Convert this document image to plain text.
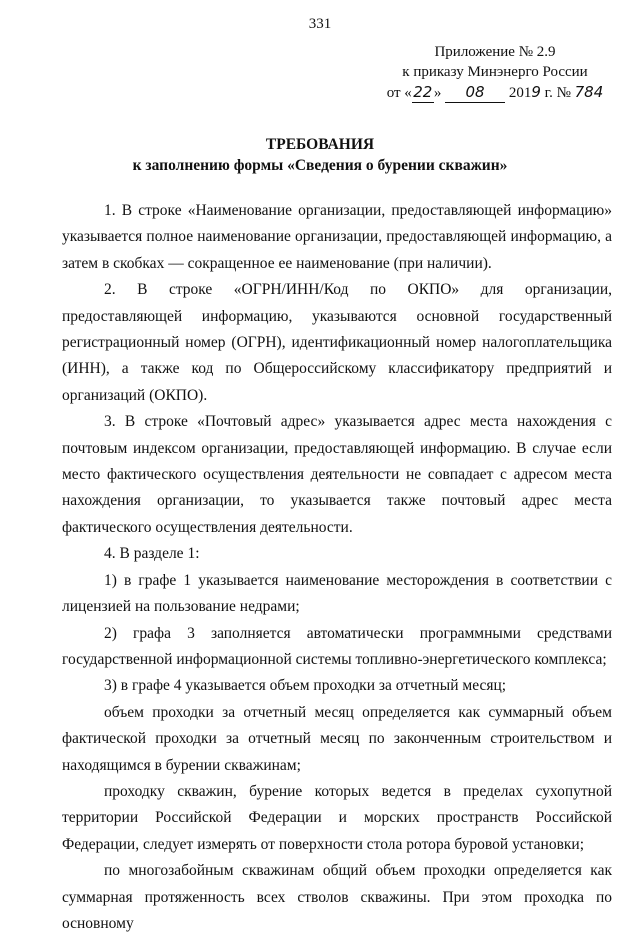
331
Приложение № 2.9
к приказу Минэнерго России
от «22» 08 2019 г. № 784
ТРЕБОВАНИЯ
к заполнению формы «Сведения о бурении скважин»

1. В строке «Наименование организации, предоставляющей информацию» указывается полное наименование организации, предоставляющей информацию, а затем в скобках — сокращенное ее наименование (при наличии).

2. В строке «ОГРН/ИНН/Код по ОКПО» для организации, предоставляющей информацию, указываются основной государственный регистрационный номер (ОГРН), идентификационный номер налогоплательщика (ИНН), а также код по Общероссийскому классификатору предприятий и организаций (ОКПО).

3. В строке «Почтовый адрес» указывается адрес места нахождения с почтовым индексом организации, предоставляющей информацию. В случае если место фактического осуществления деятельности не совпадает с адресом места нахождения организации, то указывается также почтовый адрес места фактического осуществления деятельности.

4. В разделе 1:

1) в графе 1 указывается наименование месторождения в соответствии с лицензией на пользование недрами;

2) графа 3 заполняется автоматически программными средствами государственной информационной системы топливно-энергетического комплекса;

3) в графе 4 указывается объем проходки за отчетный месяц;

объем проходки за отчетный месяц определяется как суммарный объем фактической проходки за отчетный месяц по законченным строительством и находящимся в бурении скважинам;

проходку скважин, бурение которых ведется в пределах сухопутной территории Российской Федерации и морских пространств Российской Федерации, следует измерять от поверхности стола ротора буровой установки;

по многозабойным скважинам общий объем проходки определяется как суммарная протяженность всех стволов скважины. При этом проходка по основному
